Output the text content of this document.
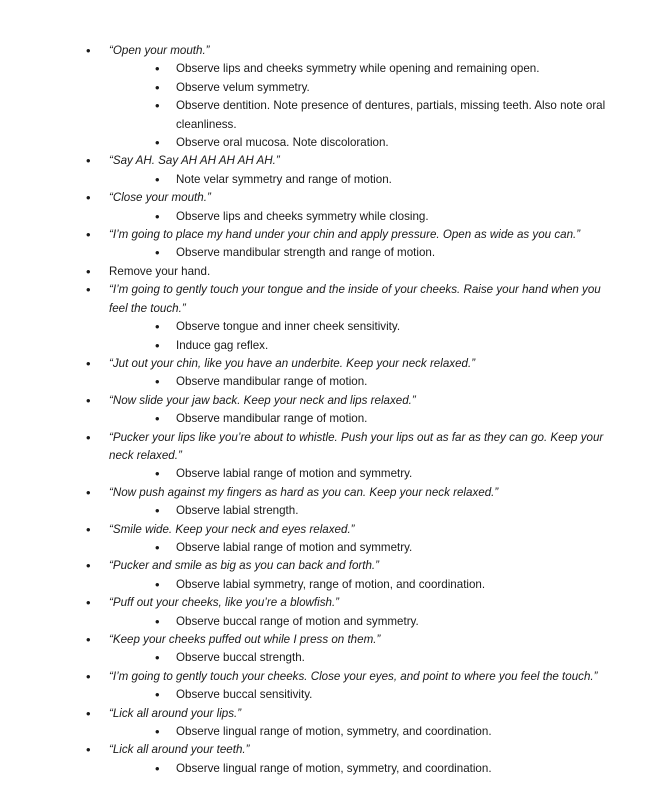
• “Open your mouth.”
• Observe lips and cheeks symmetry while opening and remaining open.
• Observe velum symmetry.
• Observe dentition. Note presence of dentures, partials, missing teeth. Also note oral cleanliness.
• Observe oral mucosa. Note discoloration.
• “Say AH. Say AH AH AH AH AH.”
• Note velar symmetry and range of motion.
• “Close your mouth.”
• Observe lips and cheeks symmetry while closing.
• “I’m going to place my hand under your chin and apply pressure. Open as wide as you can.”
• Observe mandibular strength and range of motion.
• Remove your hand.
• “I’m going to gently touch your tongue and the inside of your cheeks. Raise your hand when you feel the touch.”
• Observe tongue and inner cheek sensitivity.
• Induce gag reflex.
• “Jut out your chin, like you have an underbite. Keep your neck relaxed.”
• Observe mandibular range of motion.
• “Now slide your jaw back. Keep your neck and lips relaxed.”
• Observe mandibular range of motion.
• “Pucker your lips like you’re about to whistle. Push your lips out as far as they can go. Keep your neck relaxed.”
• Observe labial range of motion and symmetry.
• “Now push against my fingers as hard as you can. Keep your neck relaxed.”
• Observe labial strength.
• “Smile wide. Keep your neck and eyes relaxed.”
• Observe labial range of motion and symmetry.
• “Pucker and smile as big as you can back and forth.”
• Observe labial symmetry, range of motion, and coordination.
• “Puff out your cheeks, like you’re a blowfish.”
• Observe buccal range of motion and symmetry.
• “Keep your cheeks puffed out while I press on them.”
• Observe buccal strength.
• “I’m going to gently touch your cheeks. Close your eyes, and point to where you feel the touch.”
• Observe buccal sensitivity.
• “Lick all around your lips.”
• Observe lingual range of motion, symmetry, and coordination.
• “Lick all around your teeth.”
• Observe lingual range of motion, symmetry, and coordination.
